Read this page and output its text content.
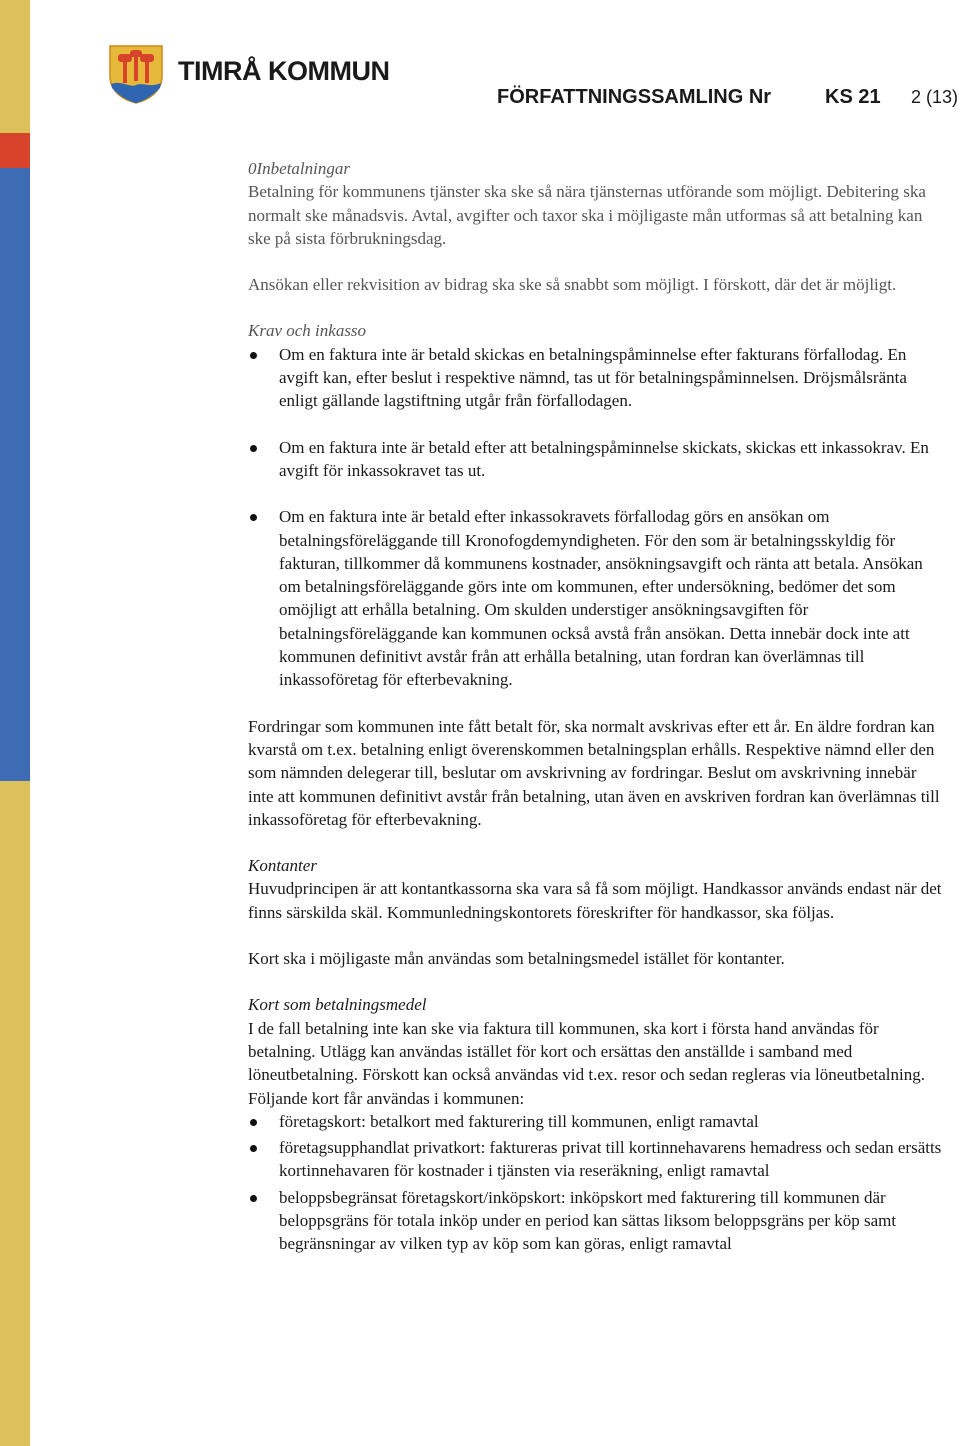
TIMRÅ KOMMUN
FÖRFATTNINGSSAMLING Nr	KS 21 2 (13)

0Inbetalningar

Betalning för kommunens tjänster ska ske så nära tjänsternas utförande som möjligt. Debitering ska normalt ske månadsvis. Avtal, avgifter och taxor ska i möjligaste mån utformas så att betalning kan ske på sista förbrukningsdag.

Ansökan eller rekvisition av bidrag ska ske så snabbt som möjligt. I förskott, där det är möjligt.

Krav och inkasso

Om en faktura inte är betald skickas en betalningspåminnelse efter fakturans förfallodag. En avgift kan, efter beslut i respektive nämnd, tas ut för betalningspåminnelsen. Dröjsmålsränta enligt gällande lagstiftning utgår från förfallodagen.
Om en faktura inte är betald efter att betalningspåminnelse skickats, skickas ett inkassokrav. En avgift för inkassokravet tas ut.
Om en faktura inte är betald efter inkassokravets förfallodag görs en ansökan om betalningsföreläggande till Kronofogdemyndigheten. För den som är betalningsskyldig för fakturan, tillkommer då kommunens kostnader, ansökningsavgift och ränta att betala. Ansökan om betalningsföreläggande görs inte om kommunen, efter undersökning, bedömer det som omöjligt att erhålla betalning. Om skulden understiger ansökningsavgiften för betalningsföreläggande kan kommunen också avstå från ansökan. Detta innebär dock inte att kommunen definitivt avstår från att erhålla betalning, utan fordran kan överlämnas till inkassoföretag för efterbevakning.

Fordringar som kommunen inte fått betalt för, ska normalt avskrivas efter ett år. En äldre fordran kan kvarstå om t.ex. betalning enligt överenskommen betalningsplan erhålls. Respektive nämnd eller den som nämnden delegerar till, beslutar om avskrivning av fordringar. Beslut om avskrivning innebär inte att kommunen definitivt avstår från betalning, utan även en avskriven fordran kan överlämnas till inkassoföretag för efterbevakning.

Kontanter

Huvudprincipen är att kontantkassorna ska vara så få som möjligt. Handkassor används endast när det finns särskilda skäl. Kommunledningskontorets föreskrifter för handkassor, ska följas.

Kort ska i möjligaste mån användas som betalningsmedel istället för kontanter.

Kort som betalningsmedel

I de fall betalning inte kan ske via faktura till kommunen, ska kort i första hand användas för betalning. Utlägg kan användas istället för kort och ersättas den anställde i samband med löneutbetalning. Förskott kan också användas vid t.ex. resor och sedan regleras via löneutbetalning. Följande kort får användas i kommunen:

företagskort: betalkort med fakturering till kommunen, enligt ramavtal
företagsupphandlat privatkort: faktureras privat till kortinnehavarens hemadress och sedan ersätts kortinnehavaren för kostnader i tjänsten via reseräkning, enligt ramavtal
beloppsbegränsat företagskort/inköpskort: inköpskort med fakturering till kommunen där beloppsgräns för totala inköp under en period kan sättas liksom beloppsgräns per köp samt begränsningar av vilken typ av köp som kan göras, enligt ramavtal
